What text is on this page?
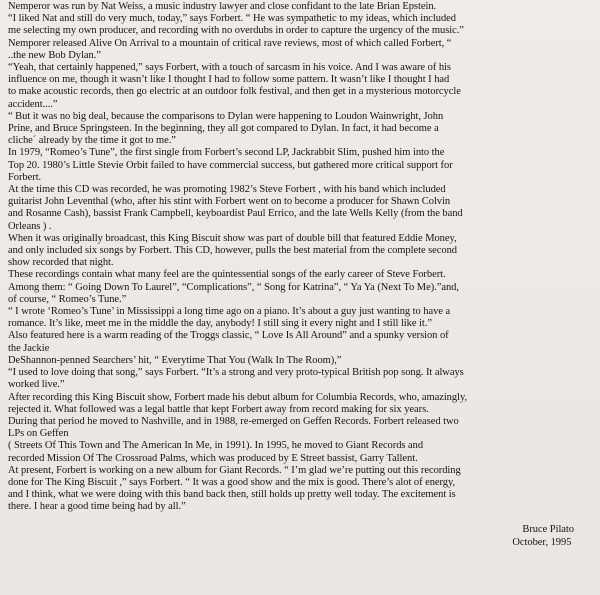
Nemperor was run by Nat Weiss, a music industry lawyer and close confidant to the late Brian Epstein.
“I liked Nat and still do very much, today,” says Forbert. “ He was sympathetic to my ideas, which included
me selecting my own producer, and recording with no overdubs in order to capture the urgency of the music.”
Nemporer released Alive On Arrival to a mountain of critical rave reviews, most of which called Forbert, “
..the new Bob Dylan.”
“Yeah, that certainly happened,” says Forbert, with a touch of sarcasm in his voice. And I was aware of his
influence on me, though it wasn’t like I thought I had to follow some pattern. It wasn’t like I thought I had
to make acoustic records, then go electric at an outdoor folk festival, and then get in a mysterious motorcycle
accident....”
“ But it was no big deal, because the comparisons to Dylan were happening to Loudon Wainwright, John
Prine, and Bruce Springsteen. In the beginning, they all got compared to Dylan. In fact, it had become a
cliche´ already by the time it got to me.”
In 1979, “Romeo’s Tune”, the first single from Forbert’s second LP, Jackrabbit Slim, pushed him into the
Top 20. 1980’s Little Stevie Orbit failed to have commercial success, but gathered more critical support for
Forbert.
At the time this CD was recorded, he was promoting 1982’s Steve Forbert , with his band which included
guitarist John Leventhal (who, after his stint with Forbert went on to become a producer for Shawn Colvin
and Rosanne Cash), bassist Frank Campbell, keyboardist Paul Errico, and the late Wells Kelly (from the band
Orleans ) .
When it was originally broadcast, this King Biscuit show was part of double bill that featured Eddie Money,
and only included six songs by Forbert. This CD, however, pulls the best material from the complete second
show recorded that night.
These recordings contain what many feel are the quintessential songs of the early career of Steve Forbert.
Among them: “ Going Down To Laurel”, “Complications”, “ Song for Katrina”, “ Ya Ya (Next To Me).”and,
of course, “ Romeo’s Tune.”
“ I wrote ‘Romeo’s Tune’ in Mississippi a long time ago on a piano. It’s about a guy just wanting to have a
romance. It’s like, meet me in the middle the day, anybody! I still sing it every night and I still like it.”
Also featured here is a warm reading of the Troggs classic, “ Love Is All Around” and a spunky version of
the Jackie
DeShannon-penned Searchers’ hit, “ Everytime That You (Walk In The Room),”
“I used to love doing that song,” says Forbert. “It’s a strong and very proto-typical British pop song. It always
worked live.”
After recording this King Biscuit show, Forbert made his debut album for Columbia Records, who, amazingly,
rejected it. What followed was a legal battle that kept Forbert away from record making for six years.
During that period he moved to Nashville, and in 1988, re-emerged on Geffen Records. Forbert released two
LPs on Geffen
( Streets Of This Town and The American In Me, in 1991). In 1995, he moved to Giant Records and
recorded Mission Of The Crossroad Palms, which was produced by E Street bassist, Garry Tallent.
At present, Forbert is working on a new album for Giant Records. “ I’m glad we’re putting out this recording
done for The King Biscuit ,” says Forbert. “ It was a good show and the mix is good. There’s alot of energy,
and I think, what we were doing with this band back then, still holds up pretty well today. The excitement is
there. I hear a good time being had by all.”
Bruce Pilato
October, 1995
